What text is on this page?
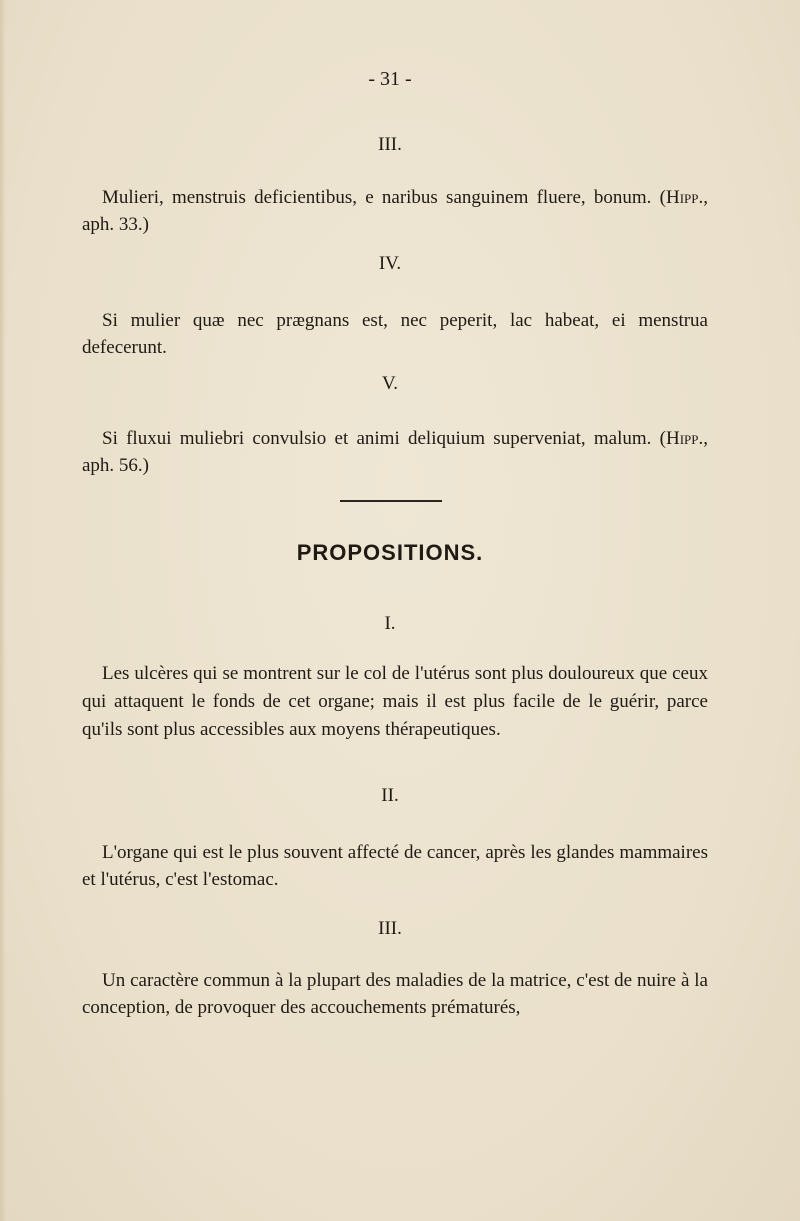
- 31 -
III.

Mulieri, menstruis deficientibus, e naribus sanguinem fluere, bonum. (Hipp., aph. 33.)

IV.

Si mulier quæ nec prægnans est, nec peperit, lac habeat, ei menstrua defecerunt.

V.

Si fluxui muliebri convulsio et animi deliquium superveniat, malum. (Hipp., aph. 56.)

PROPOSITIONS.
I.

Les ulcères qui se montrent sur le col de l'utérus sont plus douloureux que ceux qui attaquent le fonds de cet organe; mais il est plus facile de le guérir, parce qu'ils sont plus accessibles aux moyens thérapeutiques.

II.

L'organe qui est le plus souvent affecté de cancer, après les glandes mammaires et l'utérus, c'est l'estomac.

III.

Un caractère commun à la plupart des maladies de la matrice, c'est de nuire à la conception, de provoquer des accouchements prématurés,
